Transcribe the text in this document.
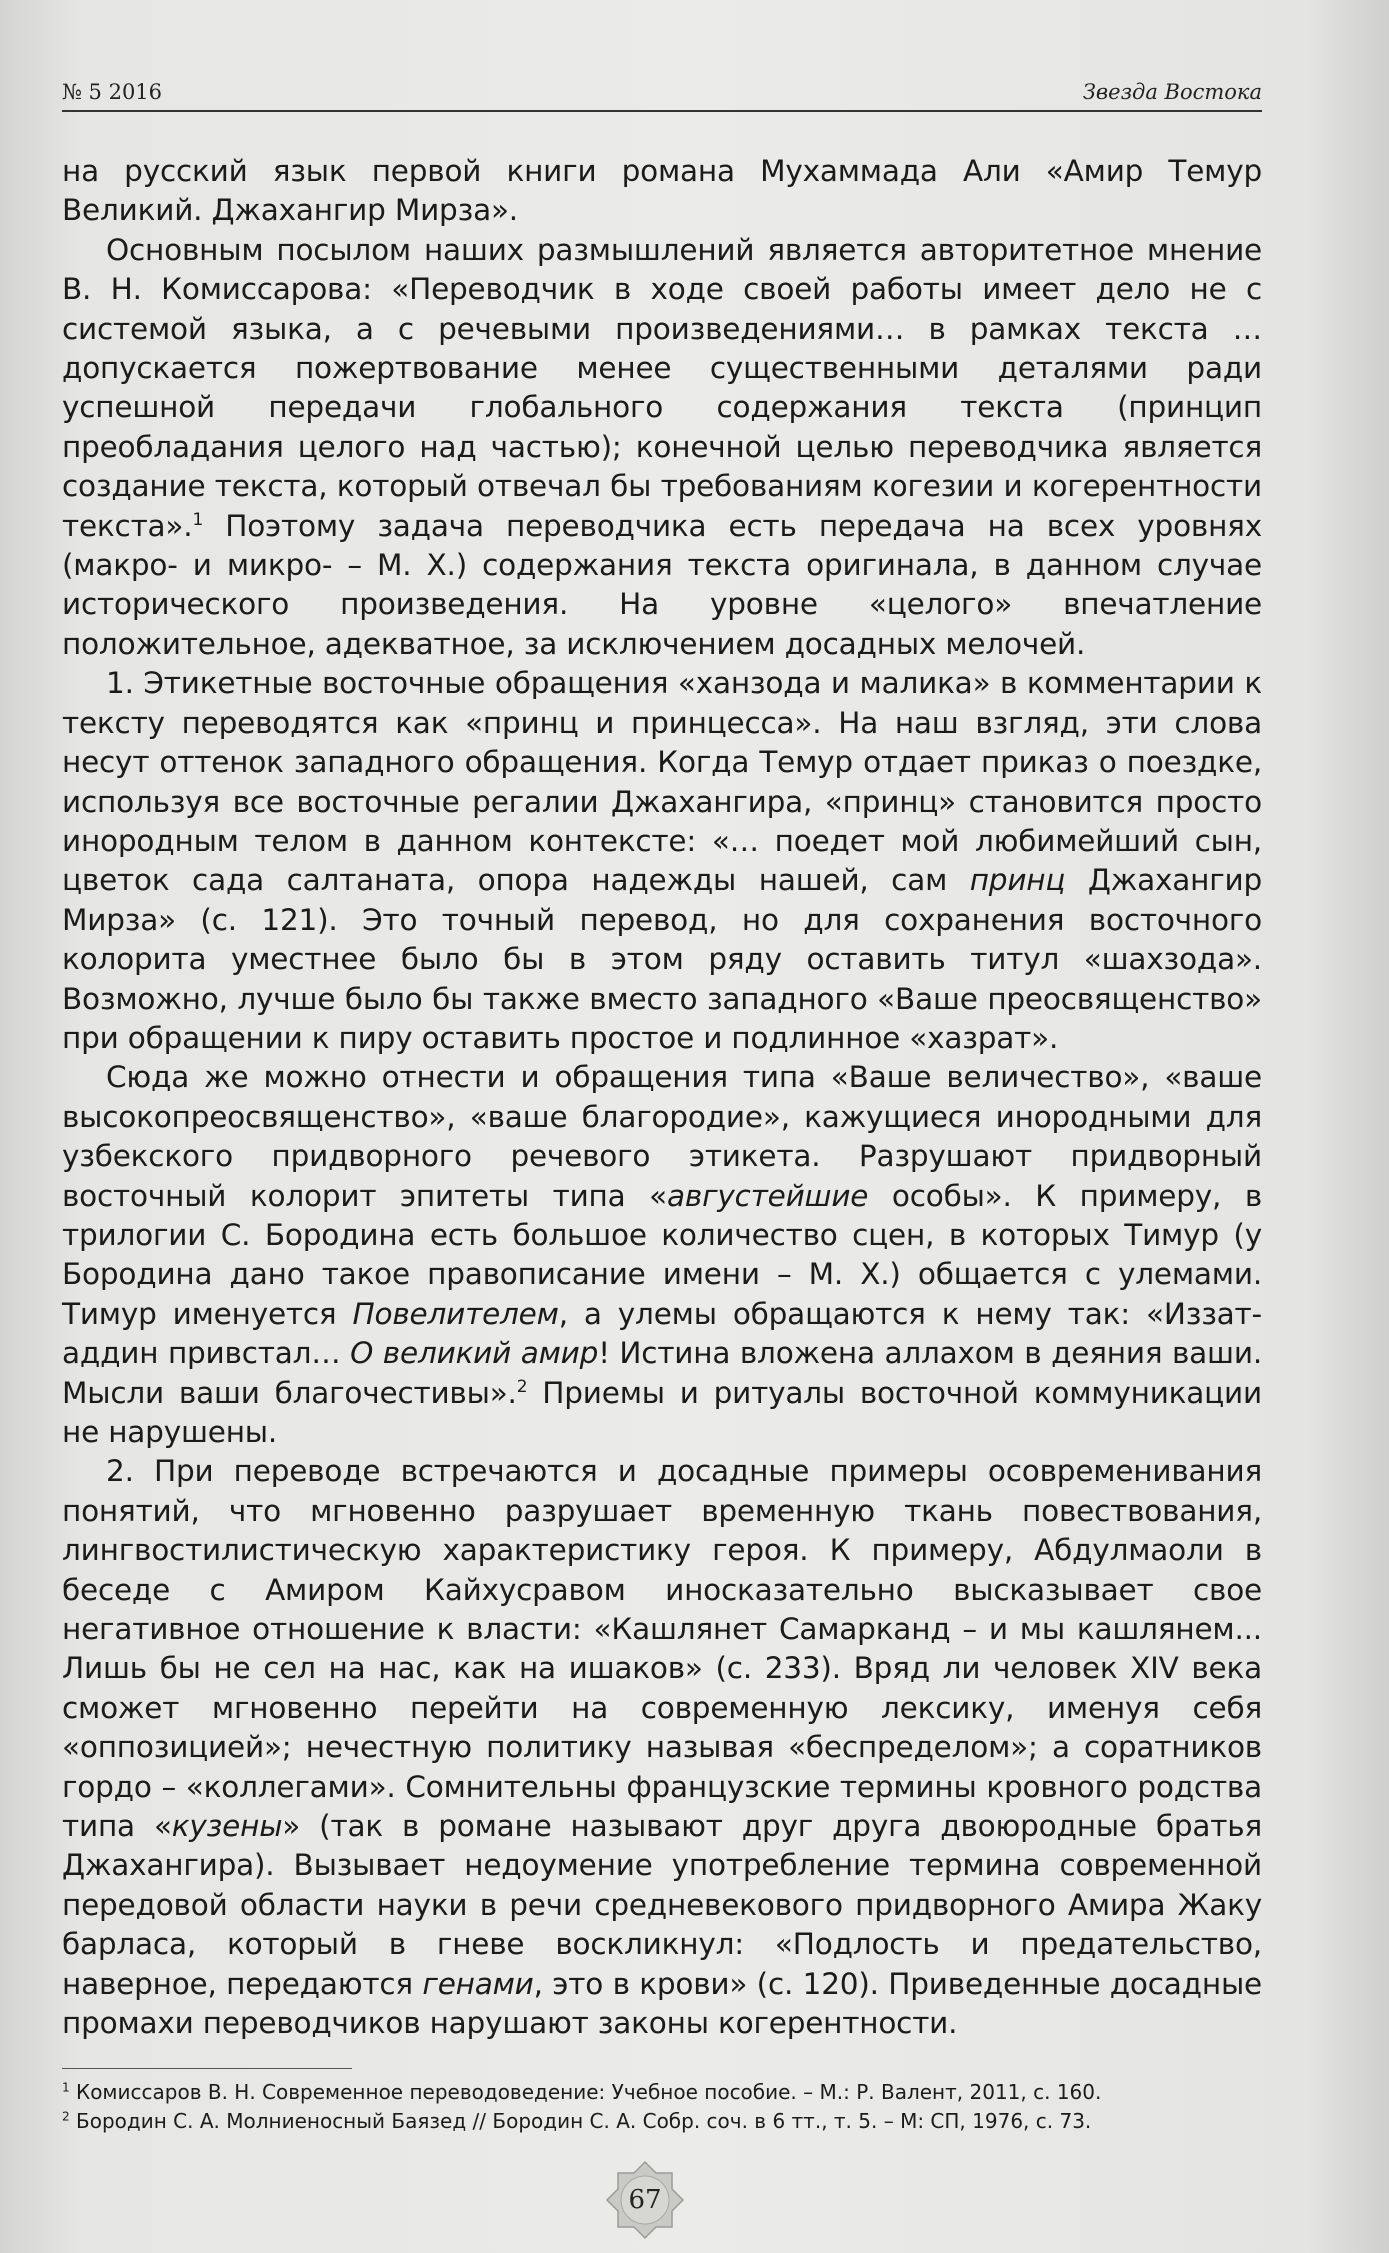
№ 5 2016	Звезда Востока

на русский язык первой книги романа Мухаммада Али «Амир Темур Великий. Джахангир Мирза».

Основным посылом наших размышлений является авторитетное мнение В. Н. Комиссарова: «Переводчик в ходе своей работы имеет дело не с системой языка, а с речевыми произведениями… в рамках текста … допускается пожертвование менее существенными деталями ради успешной передачи глобального содержания текста (принцип преобладания целого над частью); конечной целью переводчика является создание текста, который отвечал бы требованиям когезии и когерентности текста».$^1$ Поэтому задача переводчика есть передача на всех уровнях (макро- и микро- – М. Х.) содержания текста оригинала, в данном случае исторического произведения. На уровне «целого» впечатление положительное, адекватное, за исключением досадных мелочей.

1. Этикетные восточные обращения «ханзода и малика» в комментарии к тексту переводятся как «принц и принцесса». На наш взгляд, эти слова несут оттенок западного обращения. Когда Темур отдает приказ о поездке, используя все восточные регалии Джахангира, «принц» становится просто инородным телом в данном контексте: «… поедет мой любимейший сын, цветок сада салтаната, опора надежды нашей, сам принц Джахангир Мирза» (с. 121). Это точный перевод, но для сохранения восточного колорита уместнее было бы в этом ряду оставить титул «шахзода». Возможно, лучше было бы также вместо западного «Ваше преосвященство» при обращении к пиру оставить простое и подлинное «хазрат».

Сюда же можно отнести и обращения типа «Ваше величество», «ваше высокопреосвященство», «ваше благородие», кажущиеся инородными для узбекского придворного речевого этикета. Разрушают придворный восточный колорит эпитеты типа «августейшие особы». К примеру, в трилогии С. Бородина есть большое количество сцен, в которых Тимур (у Бородина дано такое правописание имени – М. Х.) общается с улемами. Тимур именуется Повелителем, а улемы обращаются к нему так: «Иззат-аддин привстал… О великий амир! Истина вложена аллахом в деяния ваши. Мысли ваши благочестивы».$^2$ Приемы и ритуалы восточной коммуникации не нарушены.

2. При переводе встречаются и досадные примеры осовременивания понятий, что мгновенно разрушает временную ткань повествования, лингвостилистическую характеристику героя. К примеру, Абдулмаоли в беседе с Амиром Кайхусравом иносказательно высказывает свое негативное отношение к власти: «Кашлянет Самарканд – и мы кашлянем... Лишь бы не сел на нас, как на ишаков» (с. 233). Вряд ли человек XIV века сможет мгновенно перейти на современную лексику, именуя себя «оппозицией»; нечестную политику называя «беспределом»; а соратников гордо – «коллегами». Сомнительны французские термины кровного родства типа «кузены» (так в романе называют друг друга двоюродные братья Джахангира). Вызывает недоумение употребление термина современной передовой области науки в речи средневекового придворного Амира Жаку барласа, который в гневе воскликнул: «Подлость и предательство, наверное, передаются генами, это в крови» (с. 120). Приведенные досадные промахи переводчиков нарушают законы когерентности.

$^1$ Комиссаров В. Н. Современное переводоведение: Учебное пособие. – М.: Р. Валент, 2011, с. 160.
$^2$ Бородин С. А. Молниеносный Баязед // Бородин С. А. Собр. соч. в 6 тт., т. 5. – М: СП, 1976, с. 73.
67
